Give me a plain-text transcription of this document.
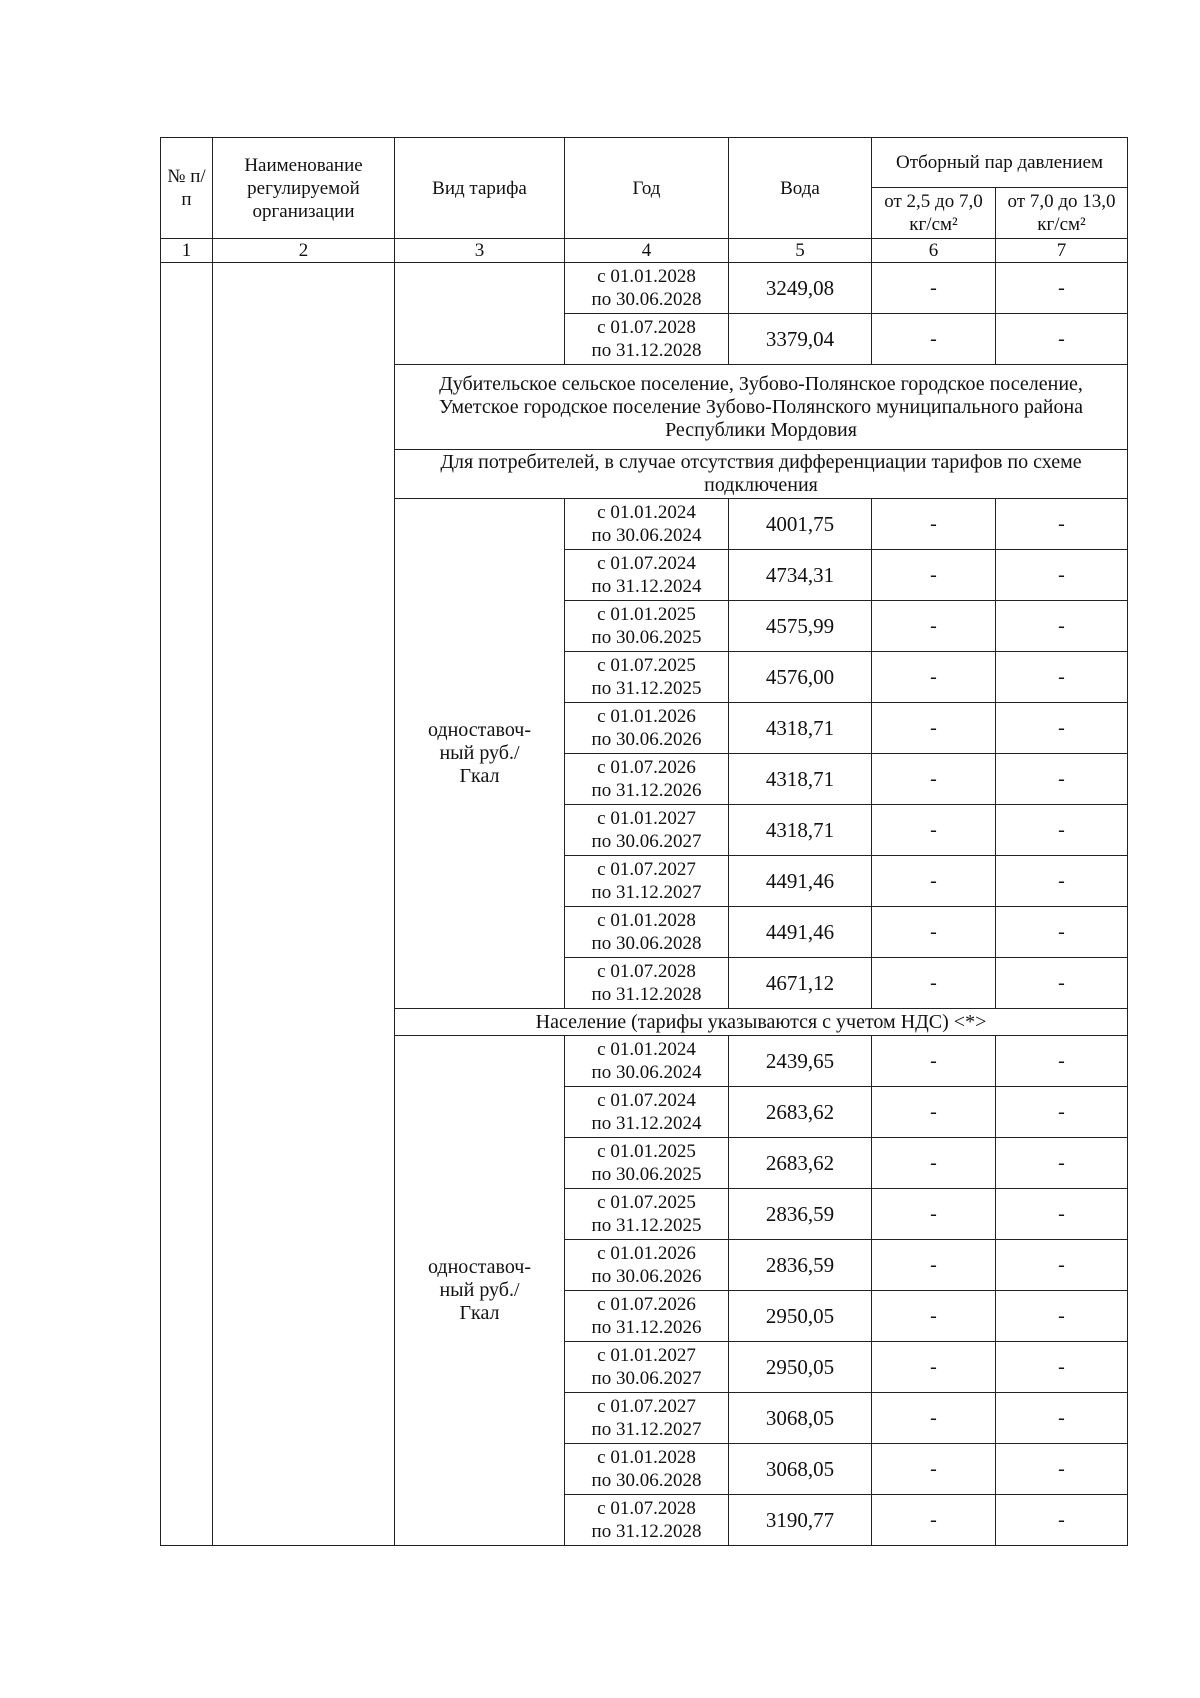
№ п/п	Наименование регулируемой организации	Вид тарифа	Год	Вода	Отборный пар давлением	
					от 2,5 до 7,0 кг/см²	от 7,0 до 13,0 кг/см²
1	2	3	4	5	6	7

			с 01.01.2028
по 30.06.2028	3249,08	-	-

			с 01.07.2028
по 31.12.2028	3379,04	-	-
		Дубительское сельское поселение, Зубово-Полянское городское поселение, Уметское городское поселение Зубово-Полянского муниципального района Республики Мордовия				
		Для потребителей, в случае отсутствия дифференциации тарифов по схеме подключения				
		одноставоч-ный руб./Гкал	с 01.01.2024
по 30.06.2024	4001,75	-	-

			с 01.07.2024
по 31.12.2024	4734,31	-	-

			с 01.01.2025
по 30.06.2025	4575,99	-	-

			с 01.07.2025
по 31.12.2025	4576,00	-	-

			с 01.01.2026
по 30.06.2026	4318,71	-	-

			с 01.07.2026
по 31.12.2026	4318,71	-	-

			с 01.01.2027
по 30.06.2027	4318,71	-	-

			с 01.07.2027
по 31.12.2027	4491,46	-	-

			с 01.01.2028
по 30.06.2028	4491,46	-	-

			с 01.07.2028
по 31.12.2028	4671,12	-	-
		Население (тарифы указываются с учетом НДС) <*>				
		одноставоч-ный руб./Гкал	с 01.01.2024
по 30.06.2024	2439,65	-	-

			с 01.07.2024
по 31.12.2024	2683,62	-	-

			с 01.01.2025
по 30.06.2025	2683,62	-	-

			с 01.07.2025
по 31.12.2025	2836,59	-	-

			с 01.01.2026
по 30.06.2026	2836,59	-	-

			с 01.07.2026
по 31.12.2026	2950,05	-	-

			с 01.01.2027
по 30.06.2027	2950,05	-	-

			с 01.07.2027
по 31.12.2027	3068,05	-	-

			с 01.01.2028
по 30.06.2028	3068,05	-	-

			с 01.07.2028
по 31.12.2028	3190,77	-	-
